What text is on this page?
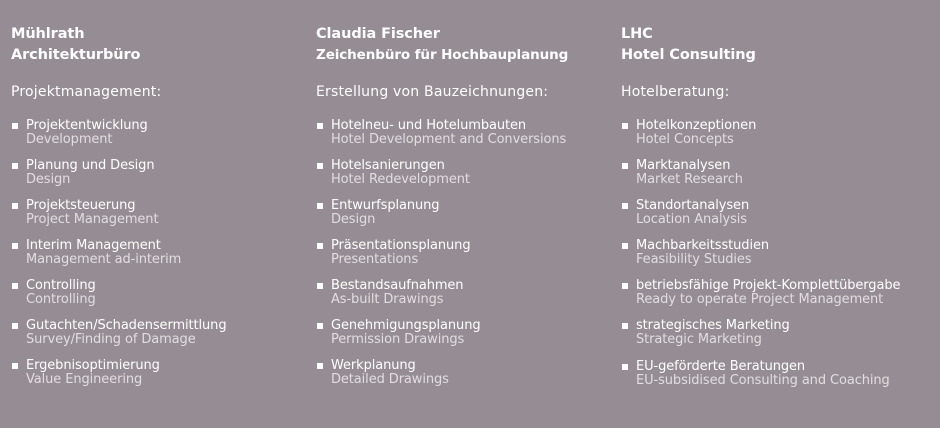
Mühlrath
Architekturbüro
Projektmanagement:
Projektentwicklung
Development
Planung und Design
Design
Projektsteuerung
Project Management
Interim Management
Management ad-interim
Controlling
Controlling
Gutachten/Schadensermittlung
Survey/Finding of Damage
Ergebnisoptimierung
Value Engineering
Claudia Fischer
Zeichenbüro für Hochbauplanung
Erstellung von Bauzeichnungen:
Hotelneu- und Hotelumbauten
Hotel Development and Conversions
Hotelsanierungen
Hotel Redevelopment
Entwurfsplanung
Design
Präsentationsplanung
Presentations
Bestandsaufnahmen
As-built Drawings
Genehmigungsplanung
Permission Drawings
Werkplanung
Detailed Drawings
LHC
Hotel Consulting
Hotelberatung:
Hotelkonzeptionen
Hotel Concepts
Marktanalysen
Market Research
Standortanalysen
Location Analysis
Machbarkeitsstudien
Feasibility Studies
betriebsfähige Projekt-Komplettübergabe
Ready to operate Project Management
strategisches Marketing
Strategic Marketing
EU-geförderte Beratungen
EU-subsidised Consulting and Coaching
